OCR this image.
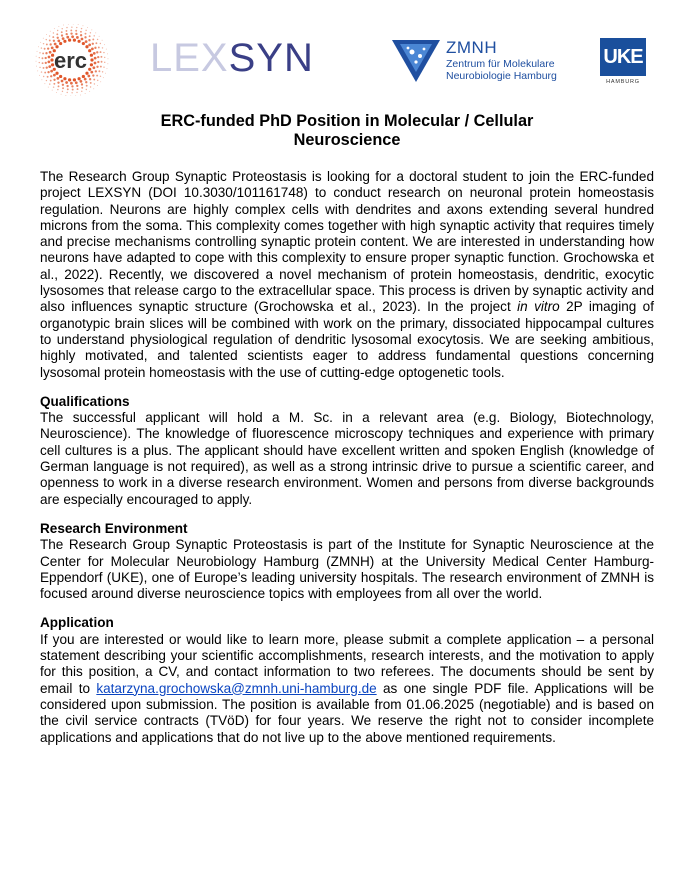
erc LEXSYN	ZMNH
Zentrum für Molekulare
Neurobiologie Hamburg
UKE
HAMBURG
ERC-funded PhD Position in Molecular / Cellular
Neuroscience

The Research Group Synaptic Proteostasis is looking for a doctoral student to join the ERC-funded project LEXSYN (DOI 10.3030/101161748) to conduct research on neuronal protein homeostasis regulation. Neurons are highly complex cells with dendrites and axons extending several hundred microns from the soma. This complexity comes together with high synaptic activity that requires timely and precise mechanisms controlling synaptic protein content. We are interested in understanding how neurons have adapted to cope with this complexity to ensure proper synaptic function. Grochowska et al., 2022). Recently, we discovered a novel mechanism of protein homeostasis, dendritic, exocytic lysosomes that release cargo to the extracellular space. This process is driven by synaptic activity and also influences synaptic structure (Grochowska et al., 2023). In the project in vitro 2P imaging of organotypic brain slices will be combined with work on the primary, dissociated hippocampal cultures to understand physiological regulation of dendritic lysosomal exocytosis. We are seeking ambitious, highly motivated, and talented scientists eager to address fundamental questions concerning lysosomal protein homeostasis with the use of cutting-edge optogenetic tools.

Qualifications

The successful applicant will hold a M. Sc. in a relevant area (e.g. Biology, Biotechnology, Neuroscience). The knowledge of fluorescence microscopy techniques and experience with primary cell cultures is a plus. The applicant should have excellent written and spoken English (knowledge of German language is not required), as well as a strong intrinsic drive to pursue a scientific career, and openness to work in a diverse research environment. Women and persons from diverse backgrounds are especially encouraged to apply.

Research Environment

The Research Group Synaptic Proteostasis is part of the Institute for Synaptic Neuroscience at the Center for Molecular Neurobiology Hamburg (ZMNH) at the University Medical Center Hamburg-Eppendorf (UKE), one of Europe’s leading university hospitals. The research environment of ZMNH is focused around diverse neuroscience topics with employees from all over the world.

Application

If you are interested or would like to learn more, please submit a complete application – a personal statement describing your scientific accomplishments, research interests, and the motivation to apply for this position, a CV, and contact information to two referees. The documents should be sent by email to katarzyna.grochowska@zmnh.uni-hamburg.de as one single PDF file. Applications will be considered upon submission. The position is available from 01.06.2025 (negotiable) and is based on the civil service contracts (TVöD) for four years. We reserve the right not to consider incomplete applications and applications that do not live up to the above mentioned requirements.
